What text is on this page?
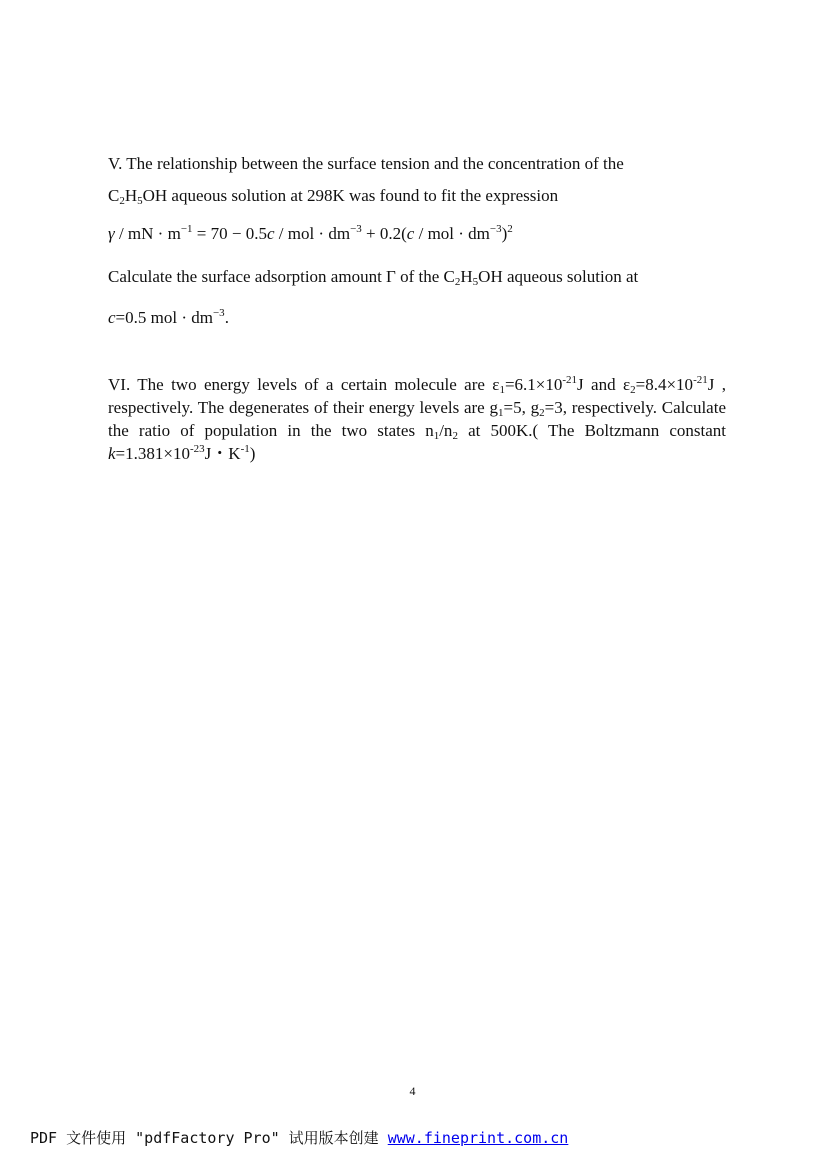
V. The relationship between the surface tension and the concentration of the
$C_2H_5OH$ aqueous solution at 298K was found to fit the expression
γ / mN · $m^{-1} = 70 - 0.5c$ / mol · $dm^{-3} + 0.2(c$ / mol · $dm^{-3})^2$
Calculate the surface adsorption amount Γ of the $C_2H_5OH$ aqueous solution at
c=0.5 mol · $dm^{-3}$.
VI. The two energy levels of a certain molecule are $\varepsilon_1=6.1\times 10^{-21}J$ and $\varepsilon_2=8.4\times 10^{-21}J$ , respectively. The degenerates of their energy levels are $g_1=5$, $g_2=3$, respectively. Calculate the ratio of population in the two states $n_1/n_2$ at 500K.( The Boltzmann constant $k=1.381\times 10^{-23}J$・$K^{-1}$)
4
PDF 文件使用 "pdfFactory Pro" 试用版本创建 www.fineprint.com.cn
